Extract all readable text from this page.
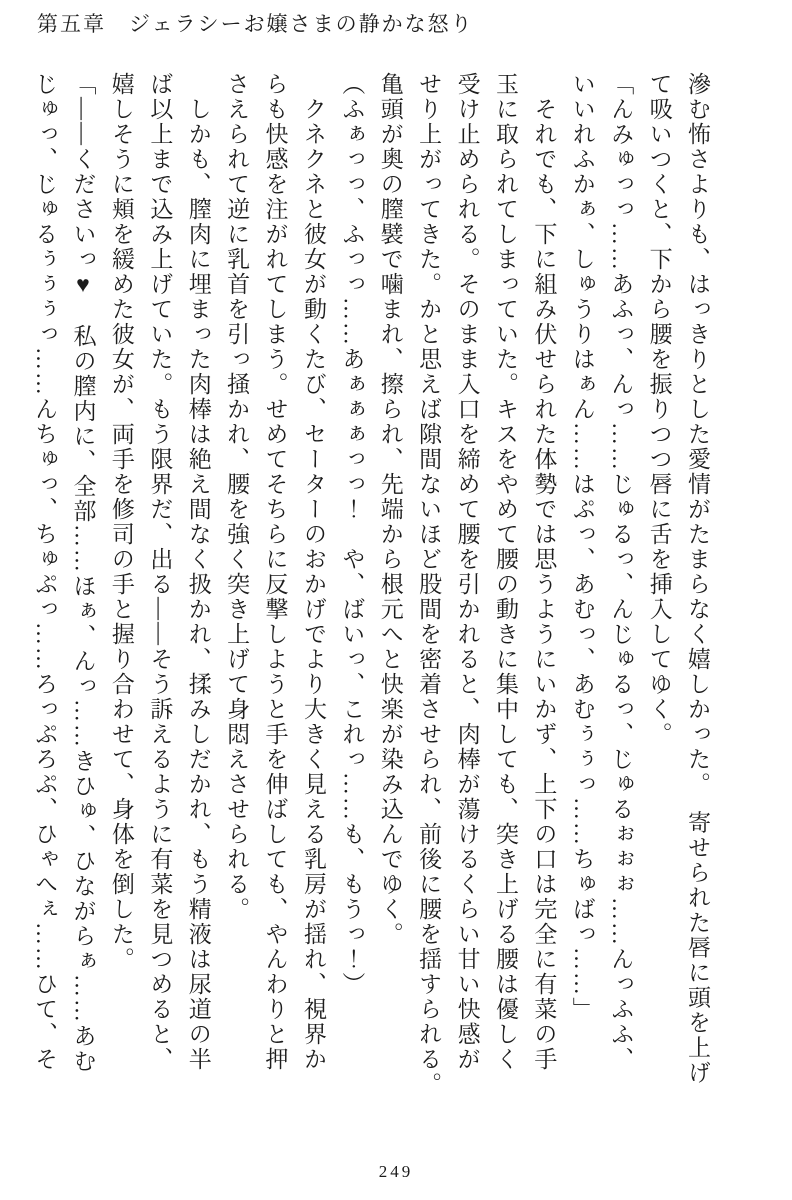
第五章　ジェラシーお嬢さまの静かな怒り
滲む怖さよりも、はっきりとした愛情がたまらなく嬉しかった。　寄せられた唇に頭を上げ
て吸いつくと、下から腰を振りつつ唇に舌を挿入してゆく。
「んみゅっっ……あふっ、んっ……じゅるっ、んじゅるっ、じゅるぉぉぉ……んっふふ、
いいれふかぁ、しゅうりはぁん……はぷっ、あむっ、あむぅぅっ……ちゅばっ……」
それでも、下に組み伏せられた体勢では思うようにいかず、上下の口は完全に有菜の手
玉に取られてしまっていた。キスをやめて腰の動きに集中しても、突き上げる腰は優しく
受け止められる。そのまま入口を締めて腰を引かれると、肉棒が蕩けるくらい甘い快感が
せり上がってきた。かと思えば隙間ないほど股間を密着させられ、前後に腰を揺すられる。
亀頭が奥の膣襞で噛まれ、擦られ、先端から根元へと快楽が染み込んでゆく。
（ふぁっっ、ふっっ……あぁぁぁっっ！　や、ばいっ、これっ……も、もうっ！）
クネクネと彼女が動くたび、セーターのおかげでより大きく見える乳房が揺れ、視界か
らも快感を注がれてしまう。せめてそちらに反撃しようと手を伸ばしても、やんわりと押
さえられて逆に乳首を引っ掻かれ、腰を強く突き上げて身悶えさせられる。
しかも、膣肉に埋まった肉棒は絶え間なく扱かれ、揉みしだかれ、もう精液は尿道の半
ば以上まで込み上げていた。もう限界だ、出る——そう訴えるように有菜を見つめると、
嬉しそうに頬を緩めた彼女が、両手を修司の手と握り合わせて、身体を倒した。
「——くださいっ♥　私の膣内に、全部……ほぁ、んっ……きひゅ、ひながらぁ……あむ
じゅっ、じゅるぅぅぅっ……んちゅっ、ちゅぷっ……ろっぷろぷ、ひゃへぇ……ひて、そ
249
